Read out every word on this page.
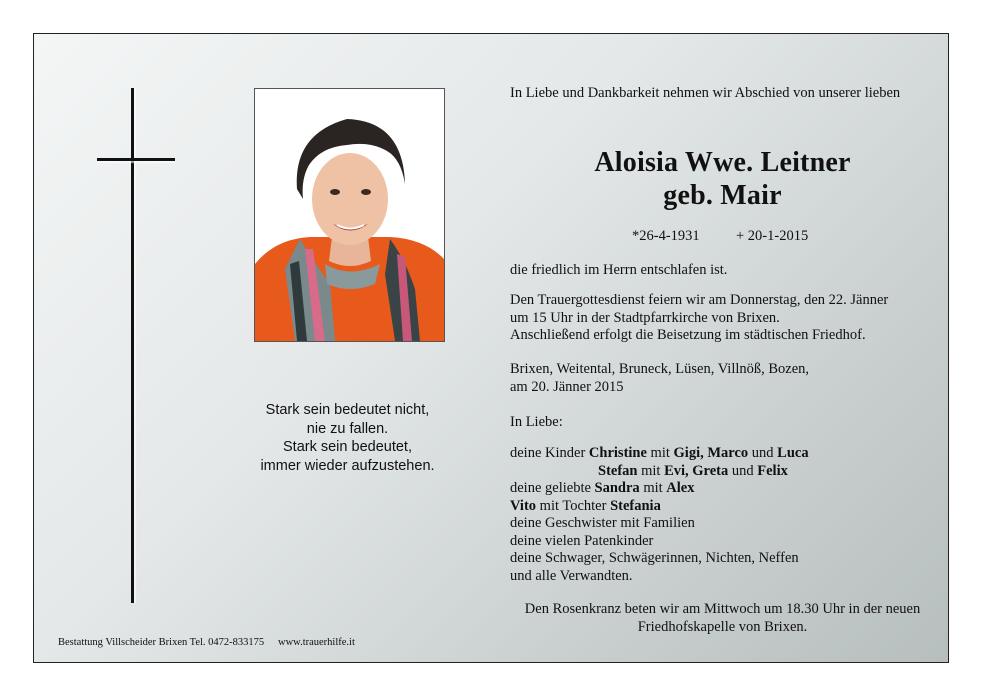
Stark sein bedeutet nicht,
nie zu fallen.
Stark sein bedeutet,
immer wieder aufzustehen.
In Liebe und Dankbarkeit nehmen wir Abschied von unserer lieben
Aloisia Wwe. Leitner
geb. Mair
*26-4-1931	+ 20-1-2015
die friedlich im Herrn entschlafen ist.
Den Trauergottesdienst feiern wir am Donnerstag, den 22. Jänner
um 15 Uhr in der Stadtpfarrkirche von Brixen.
Anschließend erfolgt die Beisetzung im städtischen Friedhof.
Brixen, Weitental, Bruneck, Lüsen, Villnöß, Bozen,
am 20. Jänner 2015
In Liebe:
deine Kinder Christine mit Gigi, Marco und Luca
Stefan mit Evi, Greta und Felix
deine geliebte Sandra mit Alex
Vito mit Tochter Stefania
deine Geschwister mit Familien
deine vielen Patenkinder
deine Schwager, Schwägerinnen, Nichten, Neffen
und alle Verwandten.
Den Rosenkranz beten wir am Mittwoch um 18.30 Uhr in der neuen
Friedhofskapelle von Brixen.
Bestattung Villscheider Brixen Tel. 0472-833175 www.trauerhilfe.it
